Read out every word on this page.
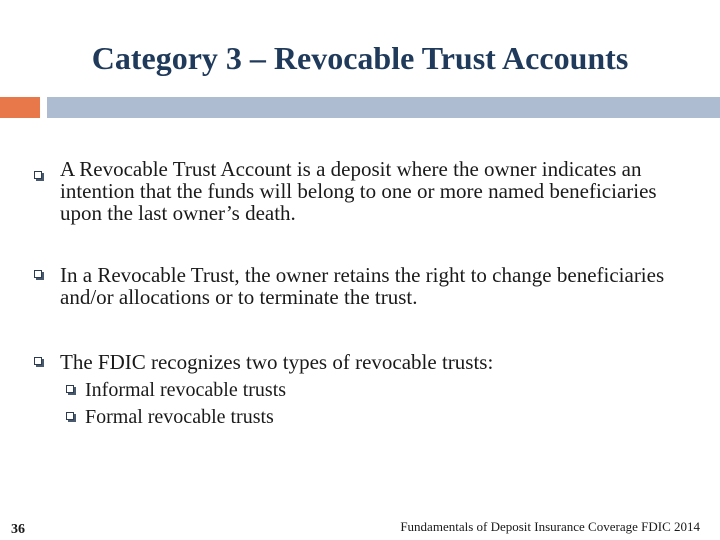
Category 3 – Revocable Trust Accounts
A Revocable Trust Account is a deposit where the owner indicates an intention that the funds will belong to one or more named beneficiaries upon the last owner’s death.
In a Revocable Trust, the owner retains the right to change beneficiaries and/or allocations or to terminate the trust.
The FDIC recognizes two types of revocable trusts:
Informal revocable trusts
Formal revocable trusts
36	Fundamentals of Deposit Insurance Coverage FDIC 2014
